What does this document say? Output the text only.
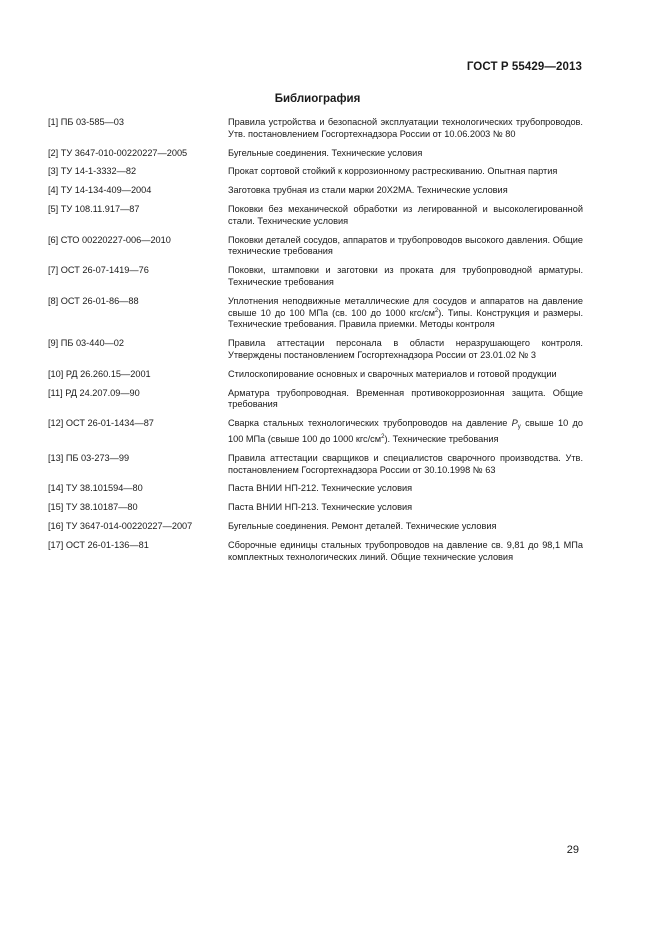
ГОСТ Р 55429—2013
Библиография
[1] ПБ 03-585—03	Правила устройства и безопасной эксплуатации технологических трубопроводов. Утв. постановлением Госгортехнадзора России от 10.06.2003 № 80
[2] ТУ 3647-010-00220227—2005	Бугельные соединения. Технические условия
[3] ТУ 14-1-3332—82	Прокат сортовой стойкий к коррозионному растрескиванию. Опытная партия
[4] ТУ 14-134-409—2004	Заготовка трубная из стали марки 20Х2МА. Технические условия
[5] ТУ 108.11.917—87	Поковки без механической обработки из легированной и высоколегированной стали. Технические условия
[6] СТО 00220227-006—2010	Поковки деталей сосудов, аппаратов и трубопроводов высокого давления. Общие технические требования
[7] ОСТ 26-07-1419—76	Поковки, штамповки и заготовки из проката для трубопроводной арматуры. Технические требования
[8] ОСТ 26-01-86—88	Уплотнения неподвижные металлические для сосудов и аппаратов на давление свыше 10 до 100 МПа (св. 100 до 1000 кгс/$см^2$). Типы. Конструкция и размеры. Технические требования. Правила приемки. Методы контроля
[9] ПБ 03-440—02	Правила аттестации персонала в области неразрушающего контроля. Утверждены постановлением Госгортехнадзора России от 23.01.02 № 3
[10] РД 26.260.15—2001	Стилоскопирование основных и сварочных материалов и готовой продукции
[11] РД 24.207.09—90	Арматура трубопроводная. Временная противокоррозионная защита. Общие требования
[12] ОСТ 26-01-1434—87	Сварка стальных технологических трубопроводов на давление $P_y$ свыше 10 до 100 МПа (свыше 100 до 1000 кгс/$см^2$). Технические требования
[13] ПБ 03-273—99	Правила аттестации сварщиков и специалистов сварочного производства. Утв. постановлением Госгортехнадзора России от 30.10.1998 № 63
[14] ТУ 38.101594—80	Паста ВНИИ НП-212. Технические условия
[15] ТУ 38.10187—80	Паста ВНИИ НП-213. Технические условия
[16] ТУ 3647-014-00220227—2007	Бугельные соединения. Ремонт деталей. Технические условия
[17] ОСТ 26-01-136—81	Сборочные единицы стальных трубопроводов на давление св. 9,81 до 98,1 МПа комплектных технологических линий. Общие технические условия
29
